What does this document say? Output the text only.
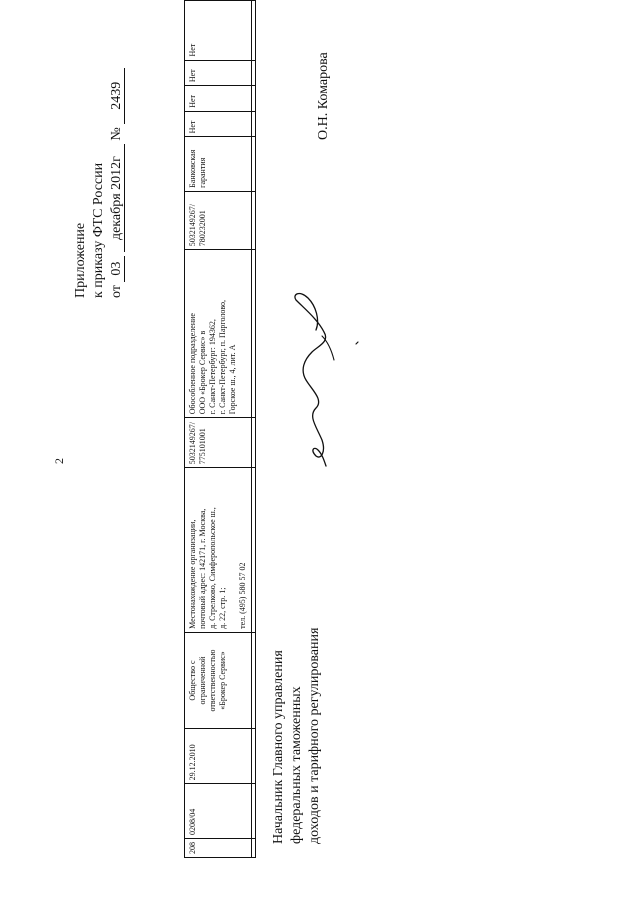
2
Приложение к приказу ФТС России от 03 декабря 2012г № 2439
208	0208/04	29.12.2010	Общество с ограниченной ответственностью «Брокер Сервис»	Местонахождение организации, почтовый адрес: 142171, г. Москва, д. Стрелково, Симферопольское ш., д. 22, стр. 1;
тел. (495) 580 57 02	5032149267/ 775101001	Обособленное подразделение ООО «Брокер Сервис» в г. Санкт-Петербург: 194362, г. Санкт-Петербург, п. Парголово, Горское ш., 4, лит. А	5032149267/ 780232001	Банковская гарантия	Нет	Нет	Нет	Нет

Начальник Главного управления федеральных таможенных доходов и тарифного регулирования
О.Н. Комарова
